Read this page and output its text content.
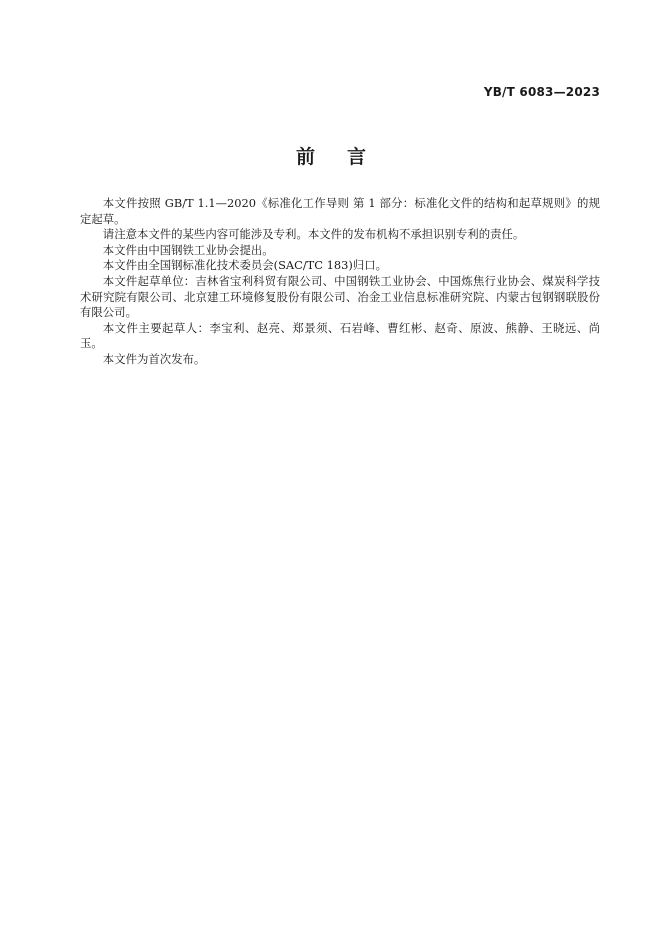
YB/T 6083—2023
前 言

本文件按照 GB/T 1.1—2020《标准化工作导则 第 1 部分：标准化文件的结构和起草规则》的规定起草。

请注意本文件的某些内容可能涉及专利。本文件的发布机构不承担识别专利的责任。

本文件由中国钢铁工业协会提出。

本文件由全国钢标准化技术委员会(SAC/TC 183)归口。

本文件起草单位：吉林省宝利科贸有限公司、中国钢铁工业协会、中国炼焦行业协会、煤炭科学技术研究院有限公司、北京建工环境修复股份有限公司、冶金工业信息标准研究院、内蒙古包钢钢联股份有限公司。

本文件主要起草人：李宝利、赵亮、郑景须、石岩峰、曹红彬、赵奇、原波、熊静、王晓远、尚玉。

本文件为首次发布。
